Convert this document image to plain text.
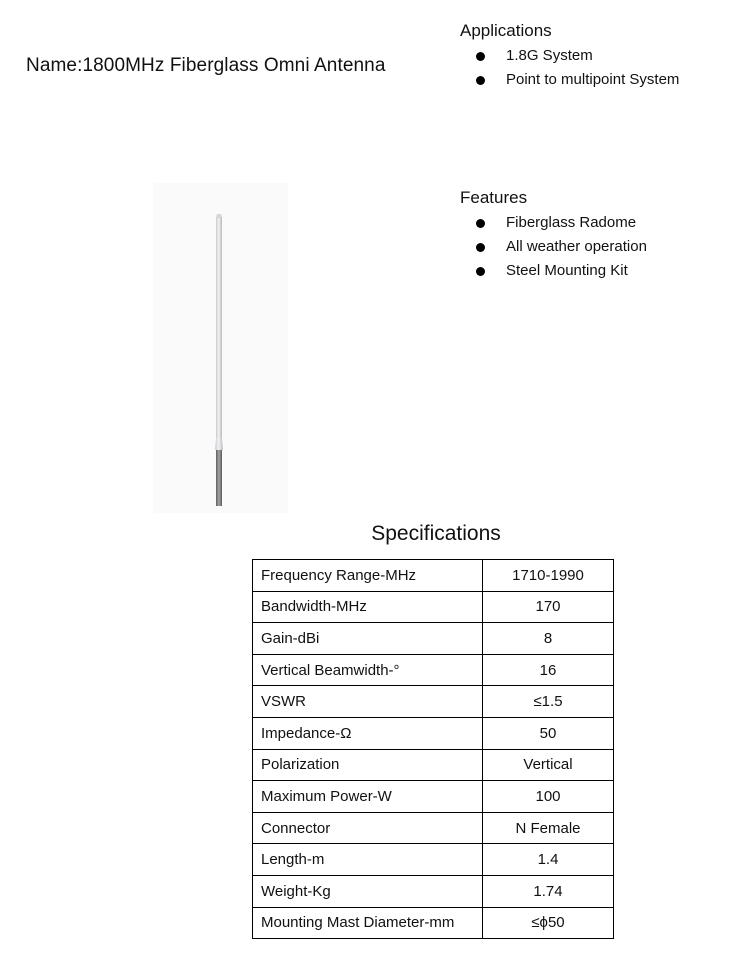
Name:1800MHz Fiberglass Omni Antenna
Applications
1.8G System
Point to multipoint System
Features
Fiberglass Radome
All weather operation
Steel Mounting Kit
Specifications
Frequency Range-MHz	1710-1990
Bandwidth-MHz	170
Gain-dBi	8
Vertical Beamwidth-°	16
VSWR	≤1.5
Impedance-Ω	50
Polarization	Vertical
Maximum Power-W	100
Connector	N Female
Length-m	1.4
Weight-Kg	1.74
Mounting Mast Diameter-mm	≤ϕ50
